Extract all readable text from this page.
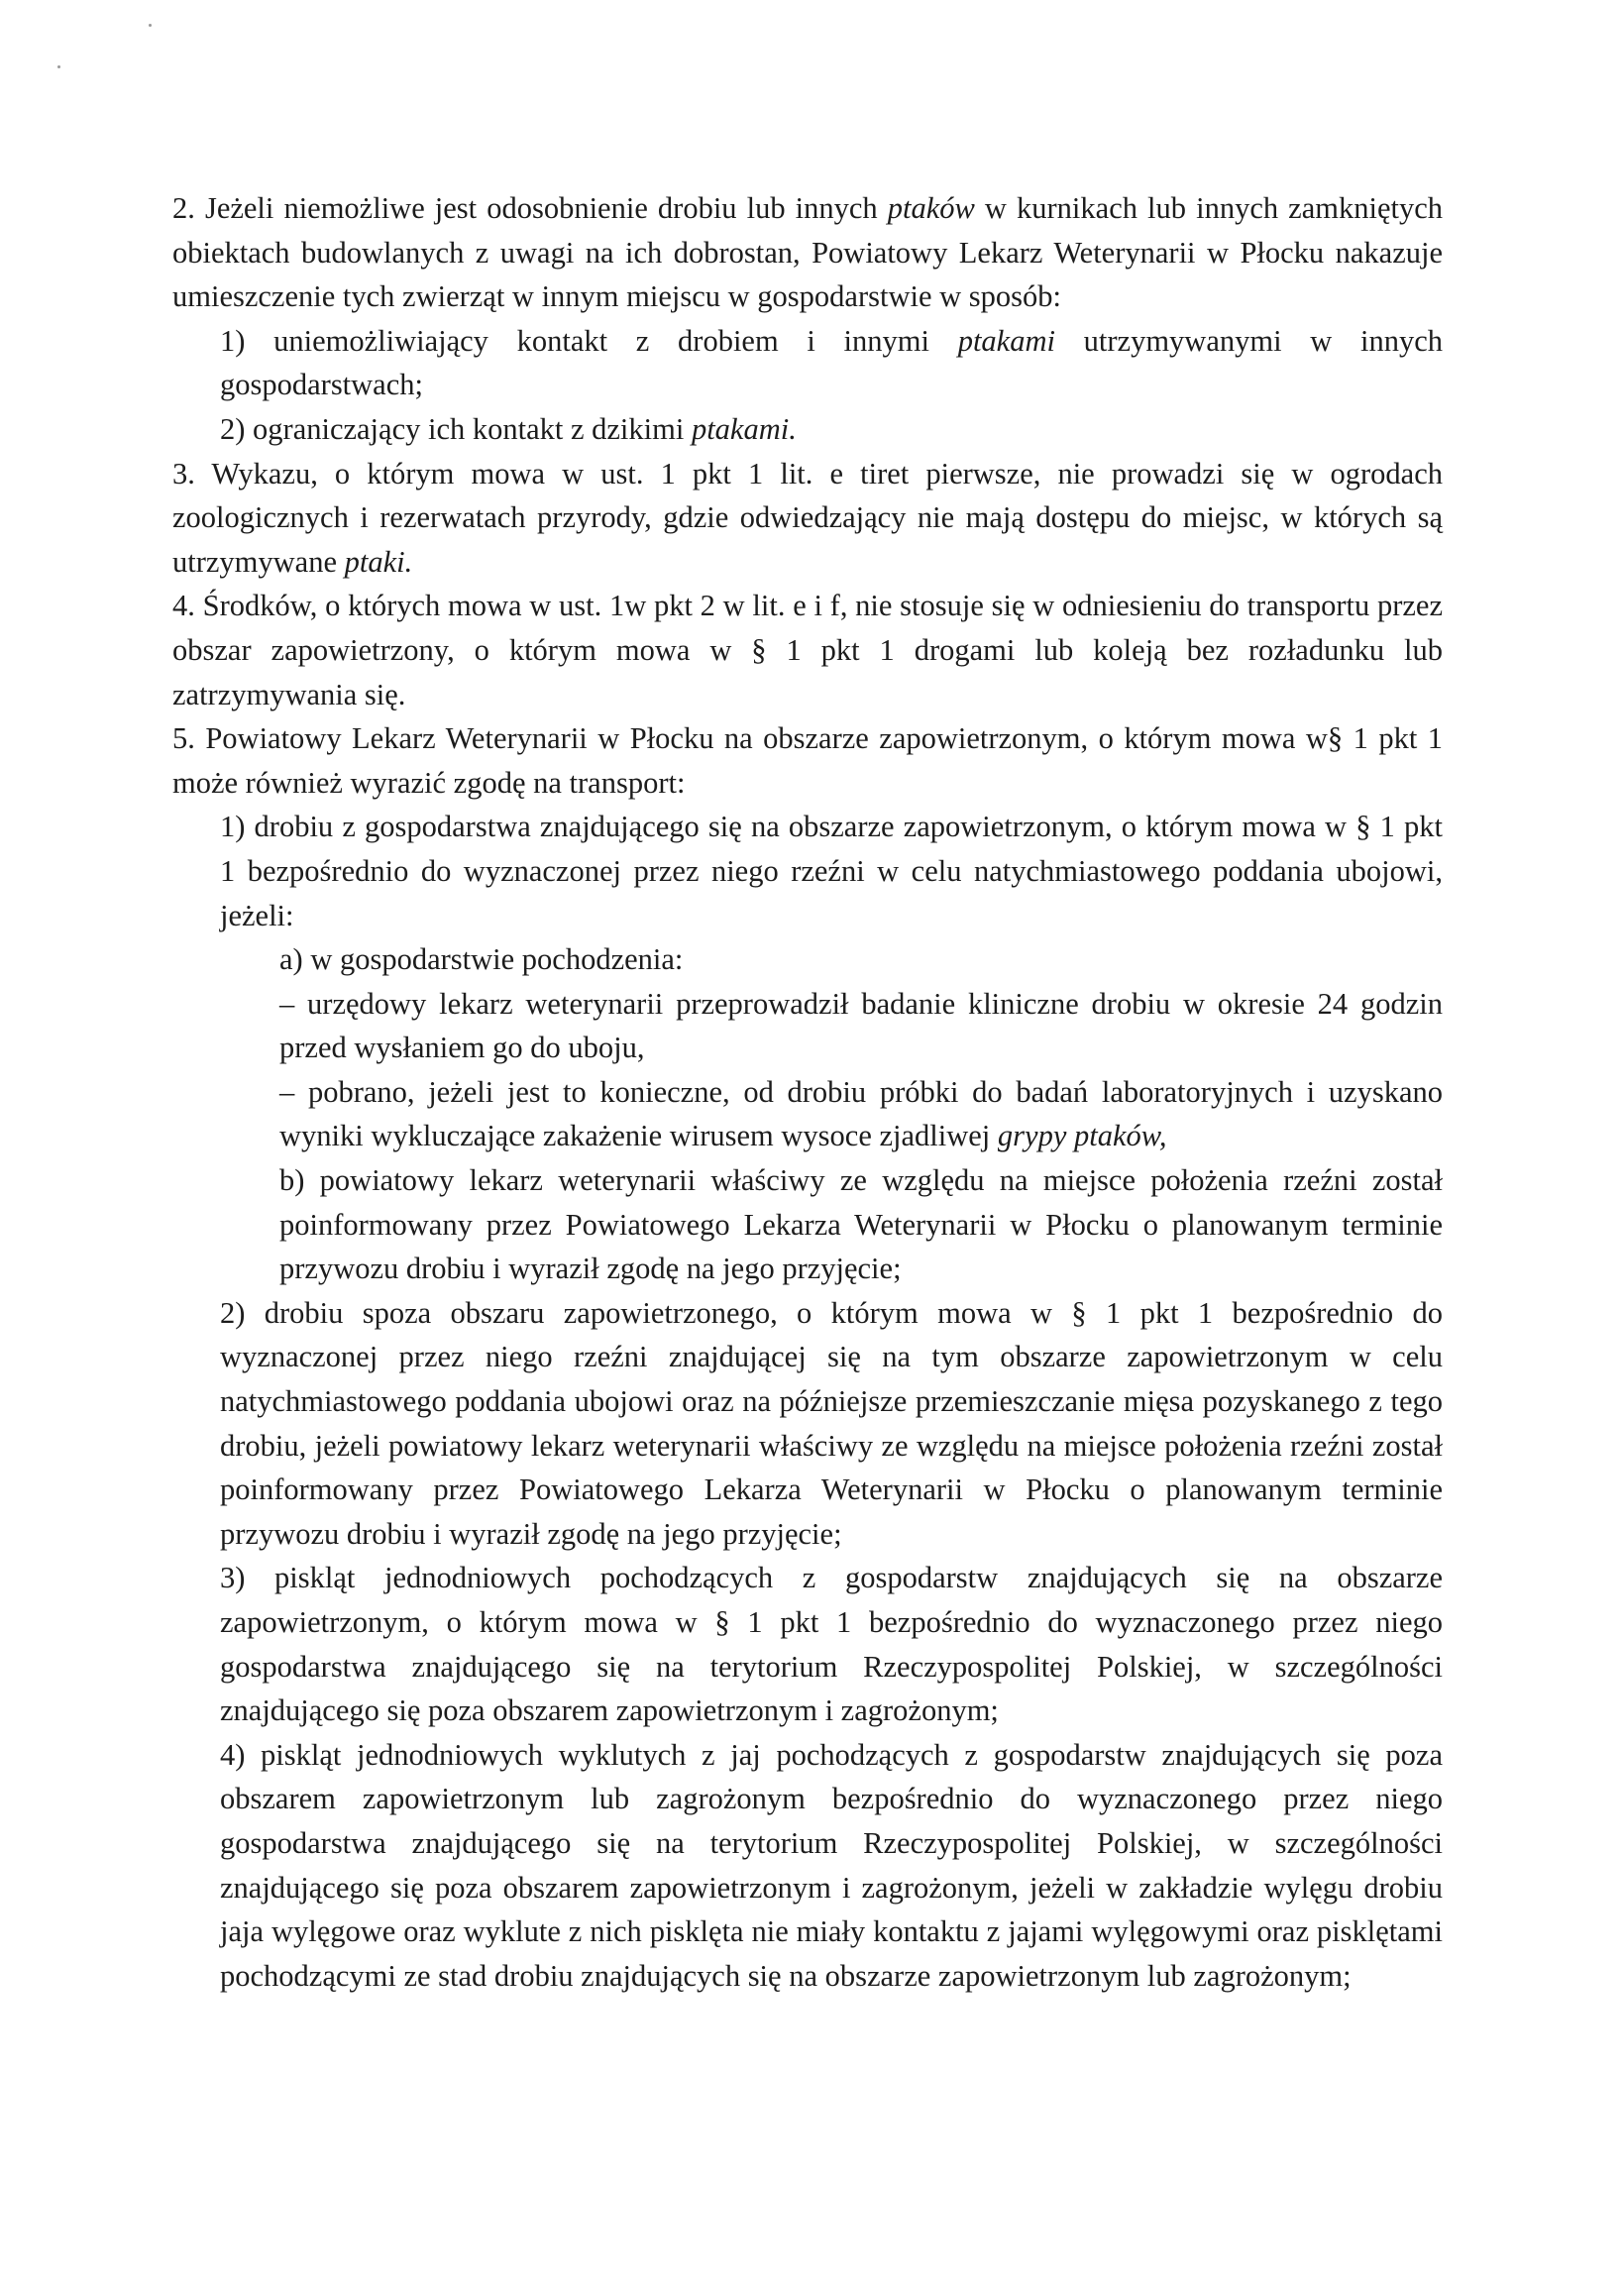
2. Jeżeli niemożliwe jest odosobnienie drobiu lub innych ptaków w kurnikach lub innych zamkniętych obiektach budowlanych z uwagi na ich dobrostan, Powiatowy Lekarz Weterynarii w Płocku nakazuje umieszczenie tych zwierząt w innym miejscu w gospodarstwie w sposób:

1) uniemożliwiający kontakt z drobiem i innymi ptakami utrzymywanymi w innych gospodarstwach;

2) ograniczający ich kontakt z dzikimi ptakami.

3. Wykazu, o którym mowa w ust. 1 pkt 1 lit. e tiret pierwsze, nie prowadzi się w ogrodach zoologicznych i rezerwatach przyrody, gdzie odwiedzający nie mają dostępu do miejsc, w których są utrzymywane ptaki.

4. Środków, o których mowa w ust. 1w pkt 2 w lit. e i f, nie stosuje się w odniesieniu do transportu przez obszar zapowietrzony, o którym mowa w § 1 pkt 1 drogami lub koleją bez rozładunku lub zatrzymywania się.

5. Powiatowy Lekarz Weterynarii w Płocku na obszarze zapowietrzonym, o którym mowa w§ 1 pkt 1 może również wyrazić zgodę na transport:

1) drobiu z gospodarstwa znajdującego się na obszarze zapowietrzonym, o którym mowa w § 1 pkt 1 bezpośrednio do wyznaczonej przez niego rzeźni w celu natychmiastowego poddania ubojowi, jeżeli:

a) w gospodarstwie pochodzenia:

– urzędowy lekarz weterynarii przeprowadził badanie kliniczne drobiu w okresie 24 godzin przed wysłaniem go do uboju,

– pobrano, jeżeli jest to konieczne, od drobiu próbki do badań laboratoryjnych i uzyskano wyniki wykluczające zakażenie wirusem wysoce zjadliwej grypy ptaków,

b) powiatowy lekarz weterynarii właściwy ze względu na miejsce położenia rzeźni został poinformowany przez Powiatowego Lekarza Weterynarii w Płocku o planowanym terminie przywozu drobiu i wyraził zgodę na jego przyjęcie;

2) drobiu spoza obszaru zapowietrzonego, o którym mowa w § 1 pkt 1 bezpośrednio do wyznaczonej przez niego rzeźni znajdującej się na tym obszarze zapowietrzonym w celu natychmiastowego poddania ubojowi oraz na późniejsze przemieszczanie mięsa pozyskanego z tego drobiu, jeżeli powiatowy lekarz weterynarii właściwy ze względu na miejsce położenia rzeźni został poinformowany przez Powiatowego Lekarza Weterynarii w Płocku o planowanym terminie przywozu drobiu i wyraził zgodę na jego przyjęcie;

3) piskląt jednodniowych pochodzących z gospodarstw znajdujących się na obszarze zapowietrzonym, o którym mowa w § 1 pkt 1 bezpośrednio do wyznaczonego przez niego gospodarstwa znajdującego się na terytorium Rzeczypospolitej Polskiej, w szczególności znajdującego się poza obszarem zapowietrzonym i zagrożonym;

4) piskląt jednodniowych wyklutych z jaj pochodzących z gospodarstw znajdujących się poza obszarem zapowietrzonym lub zagrożonym bezpośrednio do wyznaczonego przez niego gospodarstwa znajdującego się na terytorium Rzeczypospolitej Polskiej, w szczególności znajdującego się poza obszarem zapowietrzonym i zagrożonym, jeżeli w zakładzie wylęgu drobiu jaja wylęgowe oraz wyklute z nich pisklęta nie miały kontaktu z jajami wylęgowymi oraz pisklętami pochodzącymi ze stad drobiu znajdujących się na obszarze zapowietrzonym lub zagrożonym;
